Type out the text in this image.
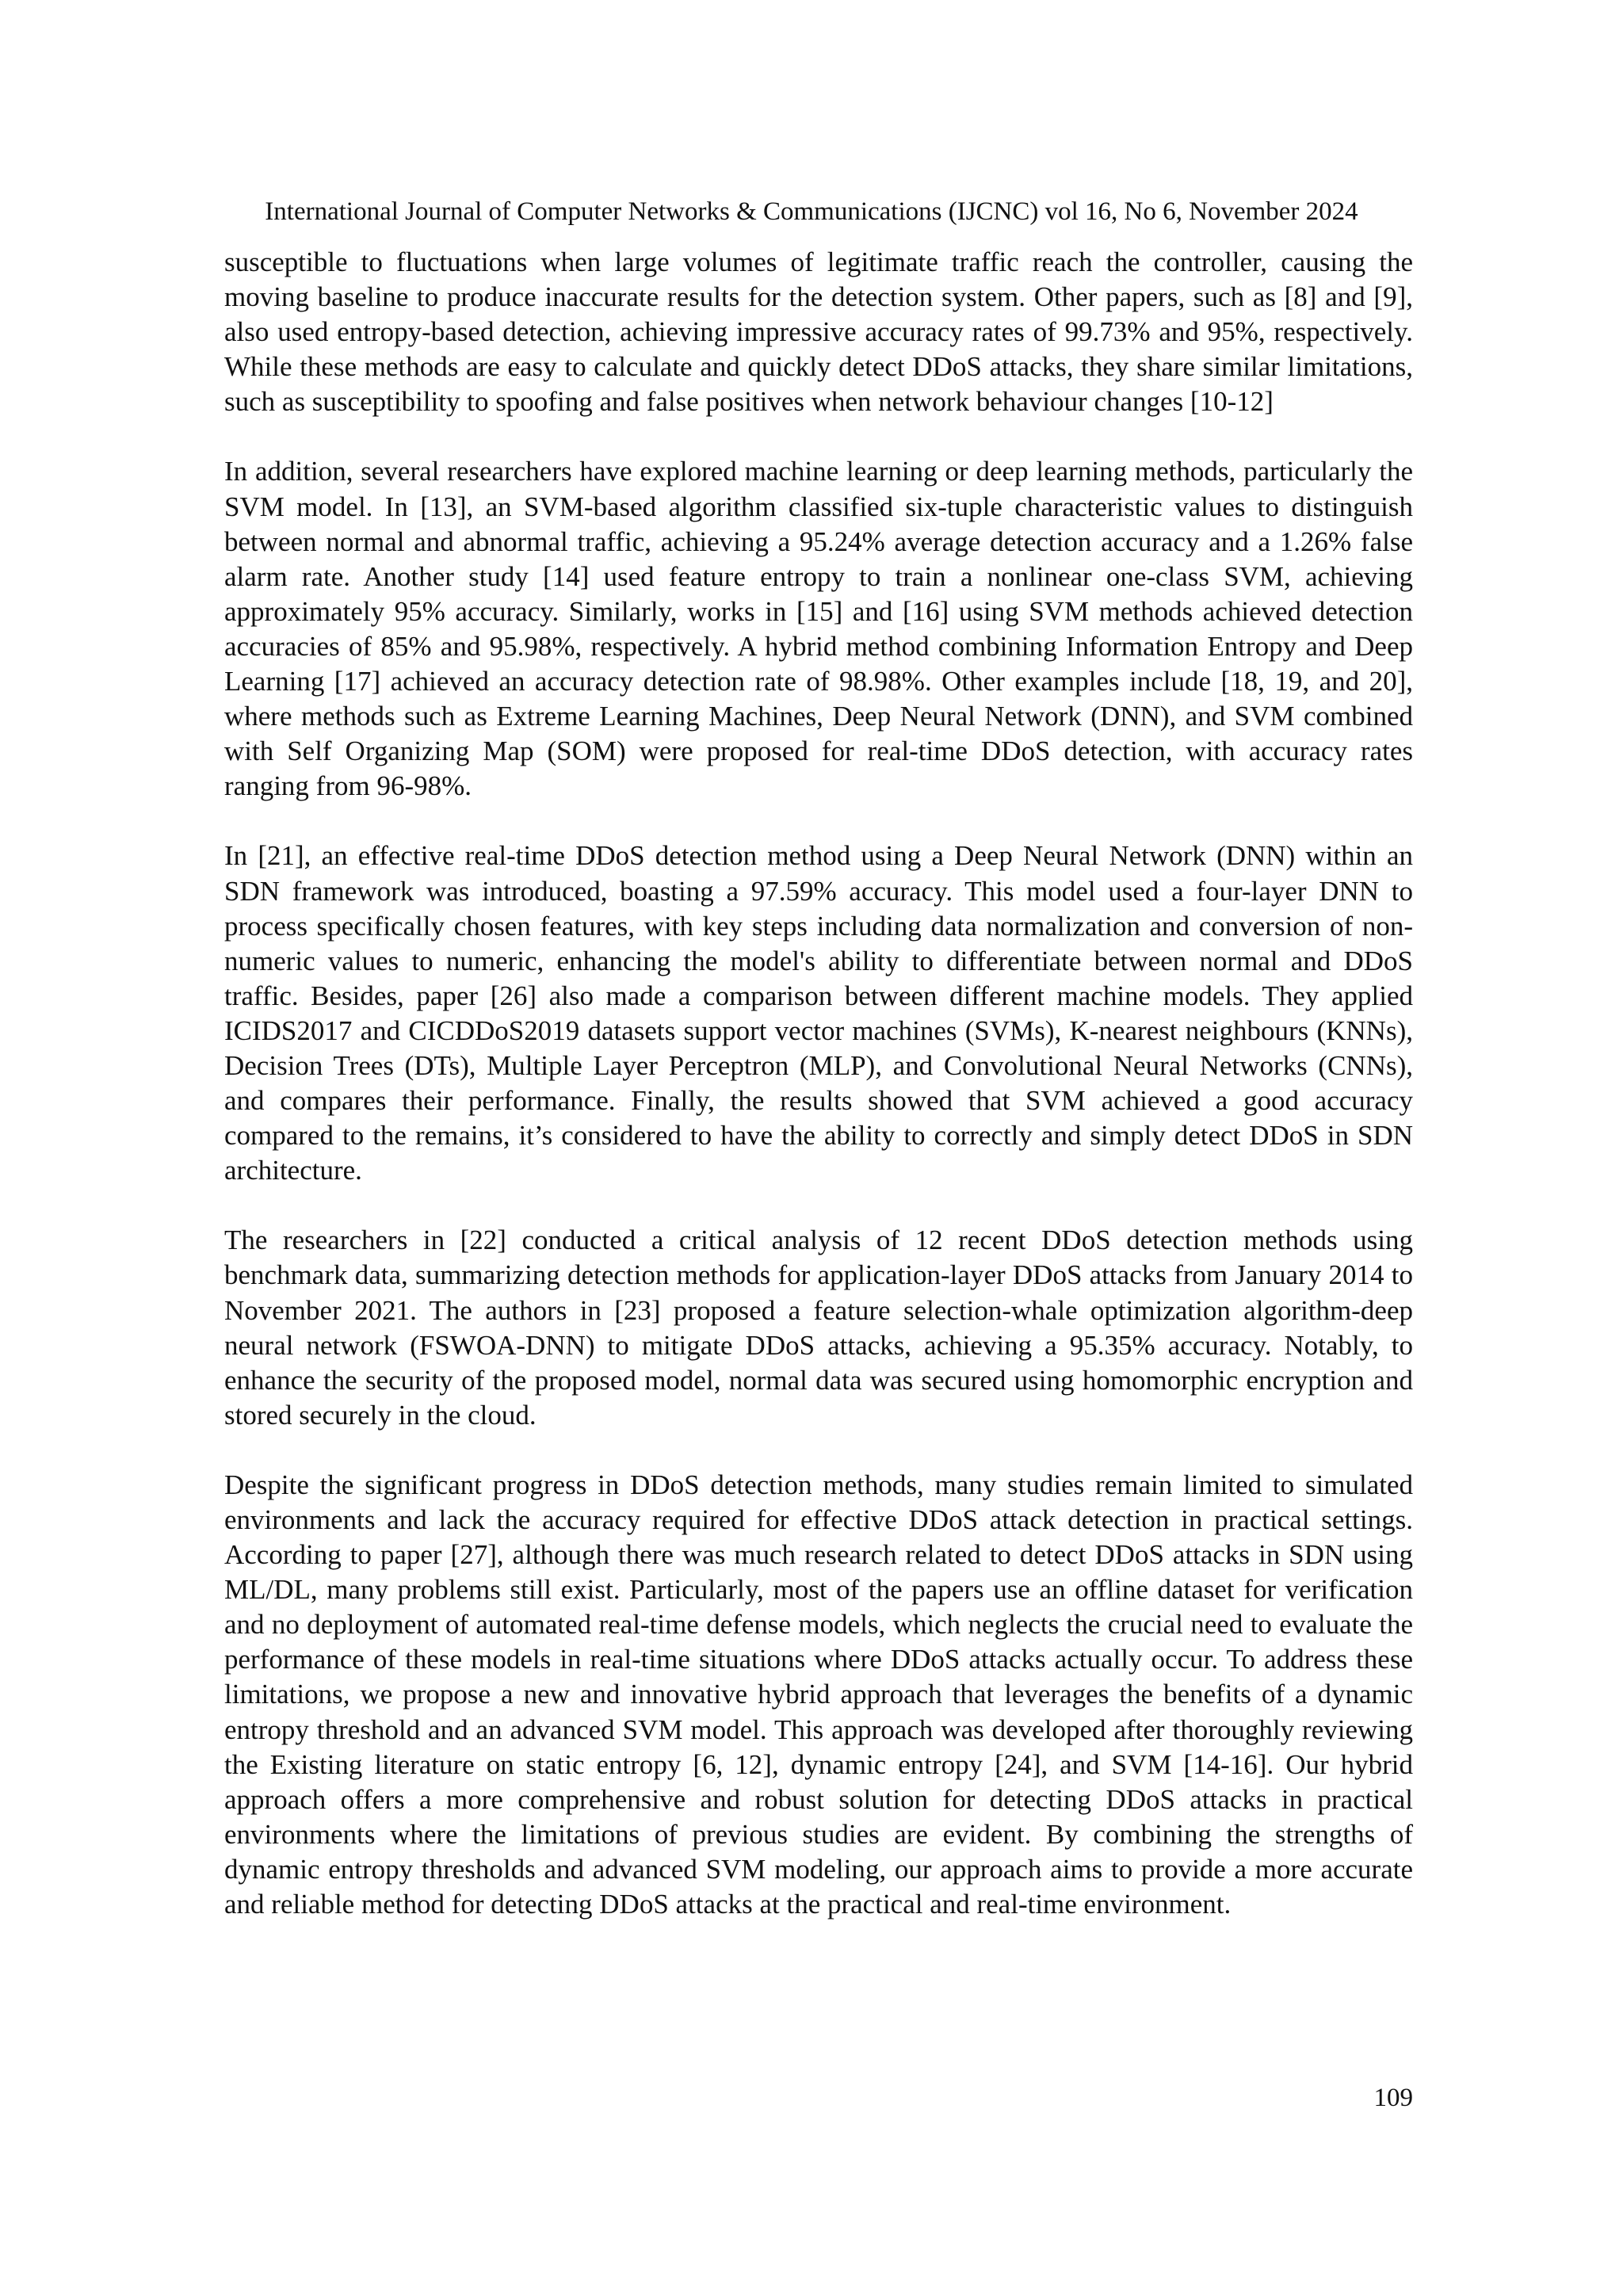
International Journal of Computer Networks & Communications (IJCNC) vol 16, No 6, November 2024

susceptible to fluctuations when large volumes of legitimate traffic reach the controller, causing the moving baseline to produce inaccurate results for the detection system. Other papers, such as [8] and [9], also used entropy-based detection, achieving impressive accuracy rates of 99.73% and 95%, respectively. While these methods are easy to calculate and quickly detect DDoS attacks, they share similar limitations, such as susceptibility to spoofing and false positives when network behaviour changes [10-12]

In addition, several researchers have explored machine learning or deep learning methods, particularly the SVM model. In [13], an SVM-based algorithm classified six-tuple characteristic values to distinguish between normal and abnormal traffic, achieving a 95.24% average detection accuracy and a 1.26% false alarm rate. Another study [14] used feature entropy to train a nonlinear one-class SVM, achieving approximately 95% accuracy. Similarly, works in [15] and [16] using SVM methods achieved detection accuracies of 85% and 95.98%, respectively. A hybrid method combining Information Entropy and Deep Learning [17] achieved an accuracy detection rate of 98.98%. Other examples include [18, 19, and 20], where methods such as Extreme Learning Machines, Deep Neural Network (DNN), and SVM combined with Self Organizing Map (SOM) were proposed for real-time DDoS detection, with accuracy rates ranging from 96-98%.

In [21], an effective real-time DDoS detection method using a Deep Neural Network (DNN) within an SDN framework was introduced, boasting a 97.59% accuracy. This model used a four-layer DNN to process specifically chosen features, with key steps including data normalization and conversion of non-numeric values to numeric, enhancing the model's ability to differentiate between normal and DDoS traffic. Besides, paper [26] also made a comparison between different machine models. They applied ICIDS2017 and CICDDoS2019 datasets support vector machines (SVMs), K-nearest neighbours (KNNs), Decision Trees (DTs), Multiple Layer Perceptron (MLP), and Convolutional Neural Networks (CNNs), and compares their performance. Finally, the results showed that SVM achieved a good accuracy compared to the remains, it’s considered to have the ability to correctly and simply detect DDoS in SDN architecture.

The researchers in [22] conducted a critical analysis of 12 recent DDoS detection methods using benchmark data, summarizing detection methods for application-layer DDoS attacks from January 2014 to November 2021. The authors in [23] proposed a feature selection-whale optimization algorithm-deep neural network (FSWOA-DNN) to mitigate DDoS attacks, achieving a 95.35% accuracy. Notably, to enhance the security of the proposed model, normal data was secured using homomorphic encryption and stored securely in the cloud.

Despite the significant progress in DDoS detection methods, many studies remain limited to simulated environments and lack the accuracy required for effective DDoS attack detection in practical settings. According to paper [27], although there was much research related to detect DDoS attacks in SDN using ML/DL, many problems still exist. Particularly, most of the papers use an offline dataset for verification and no deployment of automated real-time defense models, which neglects the crucial need to evaluate the performance of these models in real-time situations where DDoS attacks actually occur. To address these limitations, we propose a new and innovative hybrid approach that leverages the benefits of a dynamic entropy threshold and an advanced SVM model. This approach was developed after thoroughly reviewing the Existing literature on static entropy [6, 12], dynamic entropy [24], and SVM [14-16]. Our hybrid approach offers a more comprehensive and robust solution for detecting DDoS attacks in practical environments where the limitations of previous studies are evident. By combining the strengths of dynamic entropy thresholds and advanced SVM modeling, our approach aims to provide a more accurate and reliable method for detecting DDoS attacks at the practical and real-time environment.

109
